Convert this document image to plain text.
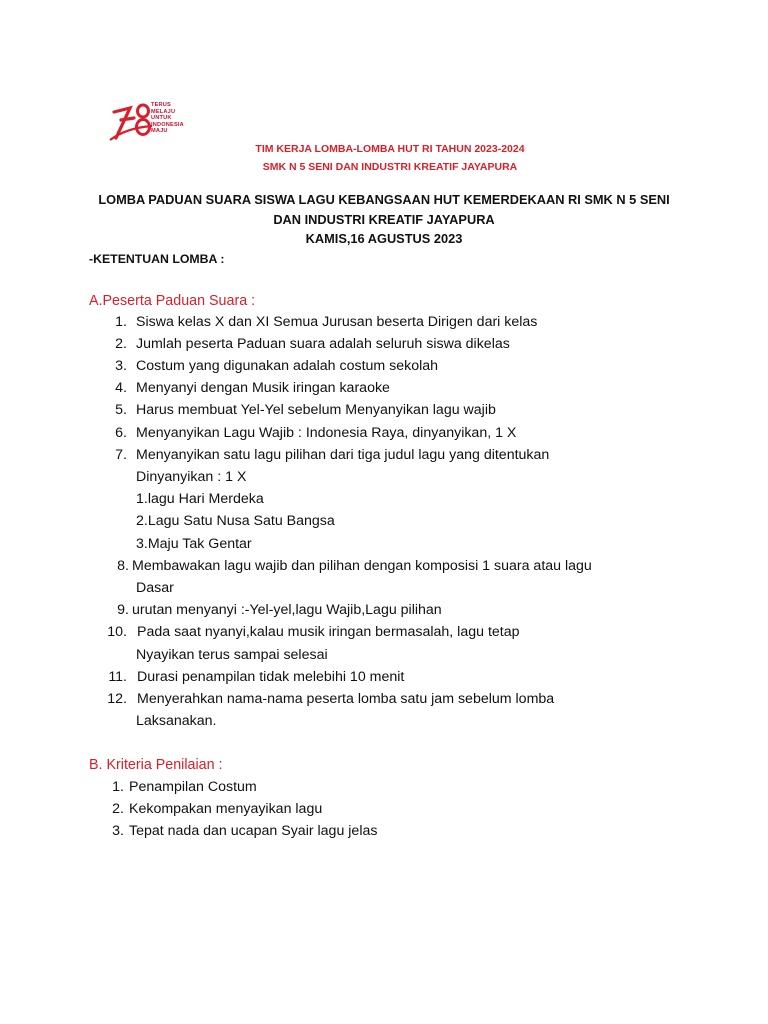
TERUS
MELAJU
UNTUK
INDONESIA
MAJU
TIM KERJA LOMBA-LOMBA HUT RI TAHUN 2023-2024
SMK N 5 SENI DAN INDUSTRI KREATIF JAYAPURA
LOMBA PADUAN SUARA SISWA LAGU KEBANGSAAN HUT KEMERDEKAAN RI SMK N 5 SENI
DAN INDUSTRI KREATIF JAYAPURA
KAMIS,16 AGUSTUS 2023
-KETENTUAN LOMBA :
A.Peserta Paduan Suara :
1. Siswa kelas X dan XI Semua Jurusan beserta Dirigen dari kelas
2. Jumlah peserta Paduan suara adalah seluruh siswa dikelas
3. Costum yang digunakan adalah costum sekolah
4. Menyanyi dengan Musik iringan karaoke
5. Harus membuat Yel-Yel sebelum Menyanyikan lagu wajib
6. Menyanyikan Lagu Wajib : Indonesia Raya, dinyanyikan, 1 X
7. Menyanyikan satu lagu pilihan dari tiga judul lagu yang ditentukan
Dinyanyikan : 1 X
1.lagu Hari Merdeka
2.Lagu Satu Nusa Satu Bangsa
3.Maju Tak Gentar
8. Membawakan lagu wajib dan pilihan dengan komposisi 1 suara atau lagu
Dasar
9. urutan menyanyi :-Yel-yel,lagu Wajib,Lagu pilihan
10. Pada saat nyanyi,kalau musik iringan bermasalah, lagu tetap
Nyayikan terus sampai selesai
11. Durasi penampilan tidak melebihi 10 menit
12. Menyerahkan nama-nama peserta lomba satu jam sebelum lomba
Laksanakan.
B. Kriteria Penilaian :
1. Penampilan Costum
2. Kekompakan menyayikan lagu
3. Tepat nada dan ucapan Syair lagu jelas
